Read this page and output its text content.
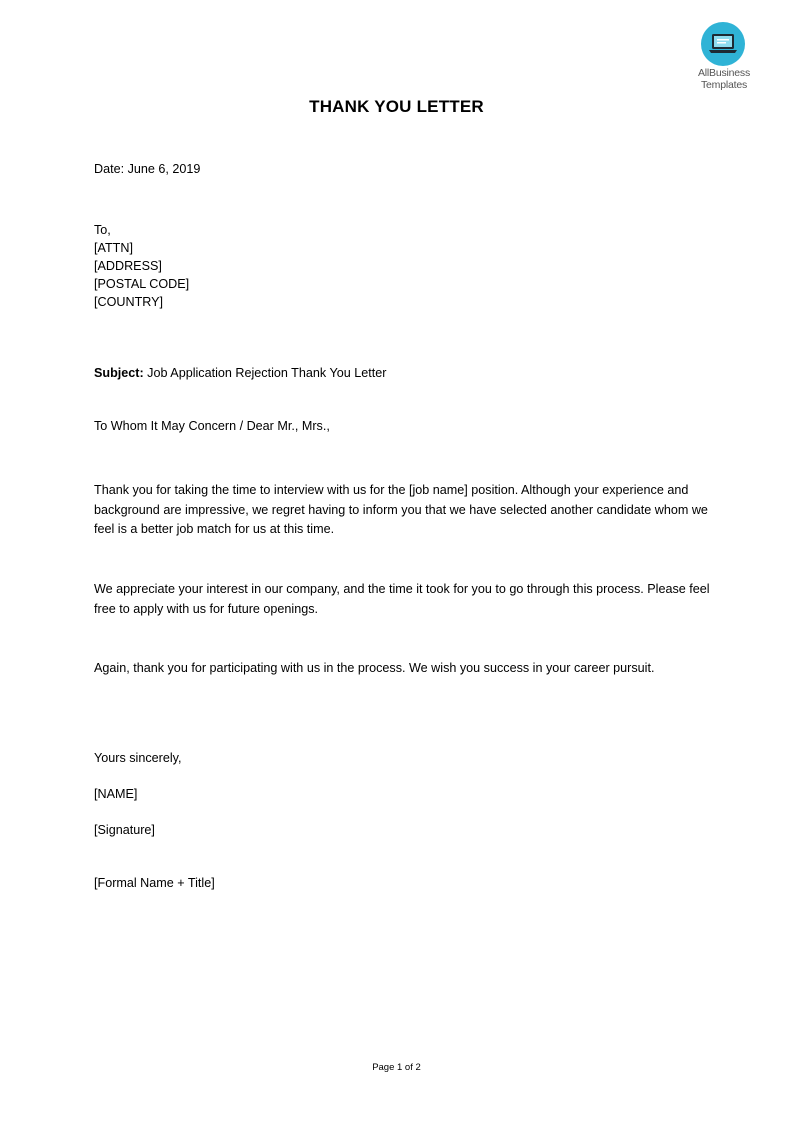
AllBusiness
Templates
THANK YOU LETTER
Date: June 6, 2019
To,
[ATTN]
[ADDRESS]
[POSTAL CODE]
[COUNTRY]
Subject: Job Application Rejection Thank You Letter
To Whom It May Concern / Dear Mr., Mrs.,
Thank you for taking the time to interview with us for the [job name] position. Although your experience and background are impressive, we regret having to inform you that we have selected another candidate whom we feel is a better job match for us at this time.
We appreciate your interest in our company, and the time it took for you to go through this process. Please feel free to apply with us for future openings.
Again, thank you for participating with us in the process. We wish you success in your career pursuit.
Yours sincerely,
[NAME]
[Signature]
[Formal Name + Title]
Page 1 of 2
